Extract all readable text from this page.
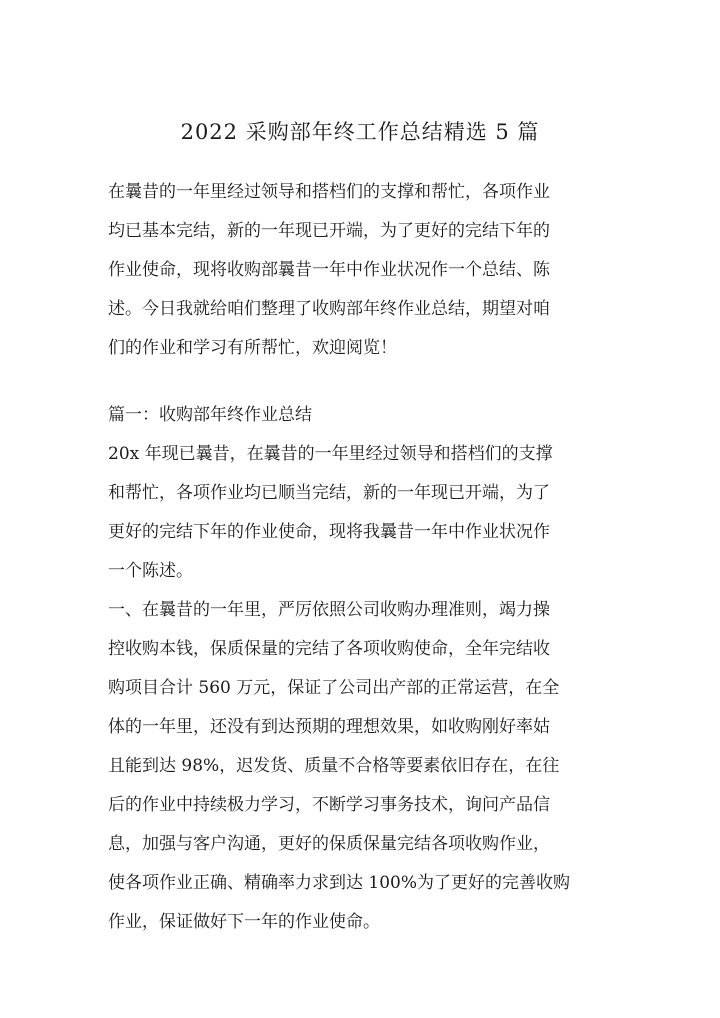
2022 采购部年终工作总结精选 5 篇
在曩昔的一年里经过领导和搭档们的支撑和帮忙，各项作业
均已基本完结，新的一年现已开端，为了更好的完结下年的
作业使命，现将收购部曩昔一年中作业状况作一个总结、陈
述。今日我就给咱们整理了收购部年终作业总结，期望对咱
们的作业和学习有所帮忙，欢迎阅览！
篇一：收购部年终作业总结
20x 年现已曩昔，在曩昔的一年里经过领导和搭档们的支撑
和帮忙，各项作业均已顺当完结，新的一年现已开端，为了
更好的完结下年的作业使命，现将我曩昔一年中作业状况作
一个陈述。
一、在曩昔的一年里，严厉依照公司收购办理准则，竭力操
控收购本钱，保质保量的完结了各项收购使命，全年完结收
购项目合计 560 万元，保证了公司出产部的正常运营，在全
体的一年里，还没有到达预期的理想效果，如收购刚好率姑
且能到达 98%，迟发货、质量不合格等要素依旧存在，在往
后的作业中持续极力学习，不断学习事务技术，询问产品信
息，加强与客户沟通，更好的保质保量完结各项收购作业，
使各项作业正确、精确率力求到达 100%为了更好的完善收购
作业，保证做好下一年的作业使命。
